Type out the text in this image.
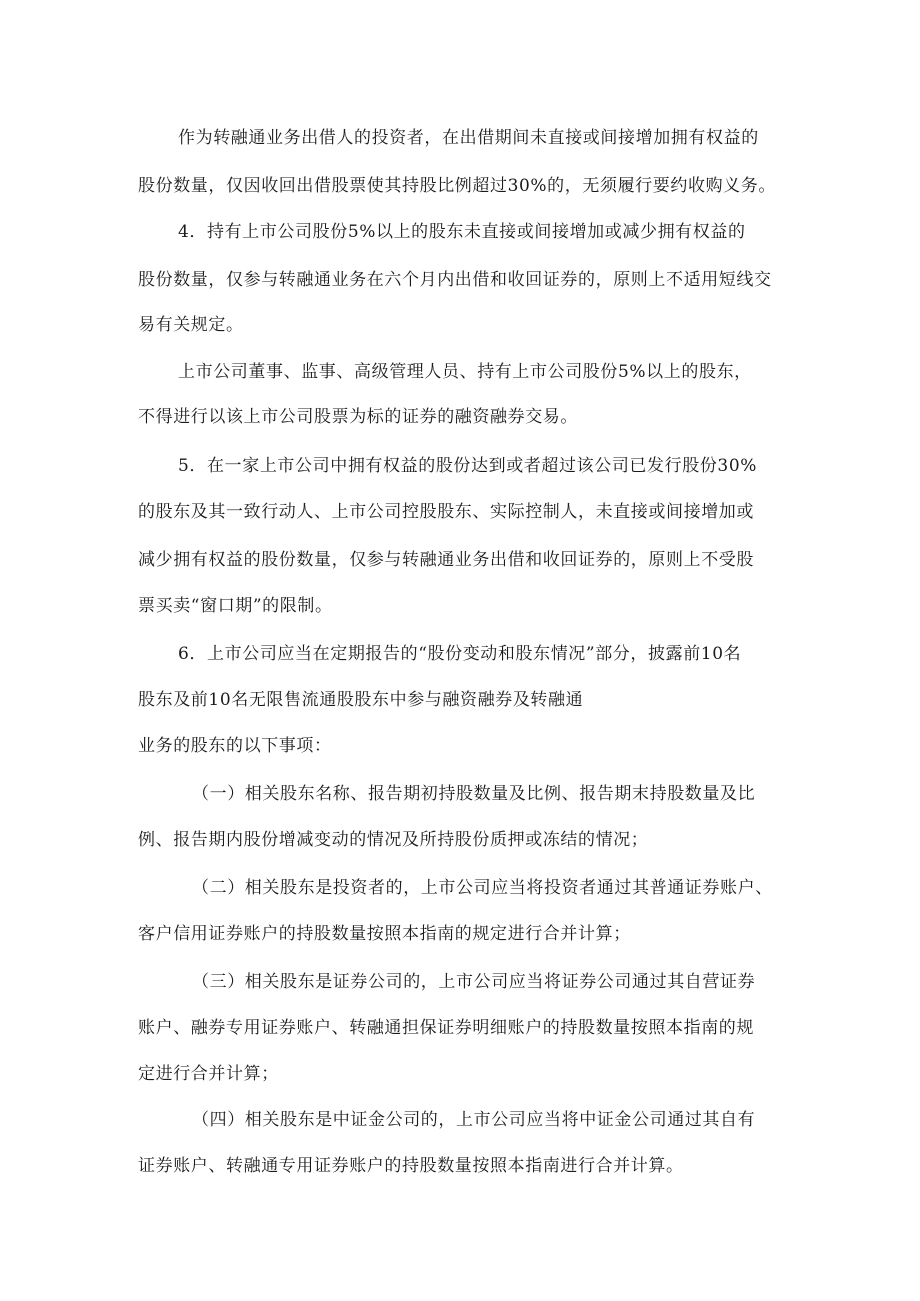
作为转融通业务出借人的投资者，在出借期间未直接或间接增加拥有权益的
股份数量，仅因收回出借股票使其持股比例超过30%的，无须履行要约收购义务。
4．持有上市公司股份5%以上的股东未直接或间接增加或减少拥有权益的
股份数量，仅参与转融通业务在六个月内出借和收回证券的，原则上不适用短线交
易有关规定。
上市公司董事、监事、高级管理人员、持有上市公司股份5%以上的股东，
不得进行以该上市公司股票为标的证券的融资融券交易。
5．在一家上市公司中拥有权益的股份达到或者超过该公司已发行股份30%
的股东及其一致行动人、上市公司控股股东、实际控制人，未直接或间接增加或
减少拥有权益的股份数量，仅参与转融通业务出借和收回证券的，原则上不受股
票买卖“窗口期”的限制。
6．上市公司应当在定期报告的“股份变动和股东情况”部分，披露前10名
股东及前10名无限售流通股股东中参与融资融券及转融通
业务的股东的以下事项：
（一）相关股东名称、报告期初持股数量及比例、报告期末持股数量及比
例、报告期内股份增减变动的情况及所持股份质押或冻结的情况；
（二）相关股东是投资者的，上市公司应当将投资者通过其普通证券账户、
客户信用证券账户的持股数量按照本指南的规定进行合并计算；
（三）相关股东是证券公司的，上市公司应当将证券公司通过其自营证券
账户、融券专用证券账户、转融通担保证券明细账户的持股数量按照本指南的规
定进行合并计算；
（四）相关股东是中证金公司的，上市公司应当将中证金公司通过其自有
证券账户、转融通专用证券账户的持股数量按照本指南进行合并计算。
